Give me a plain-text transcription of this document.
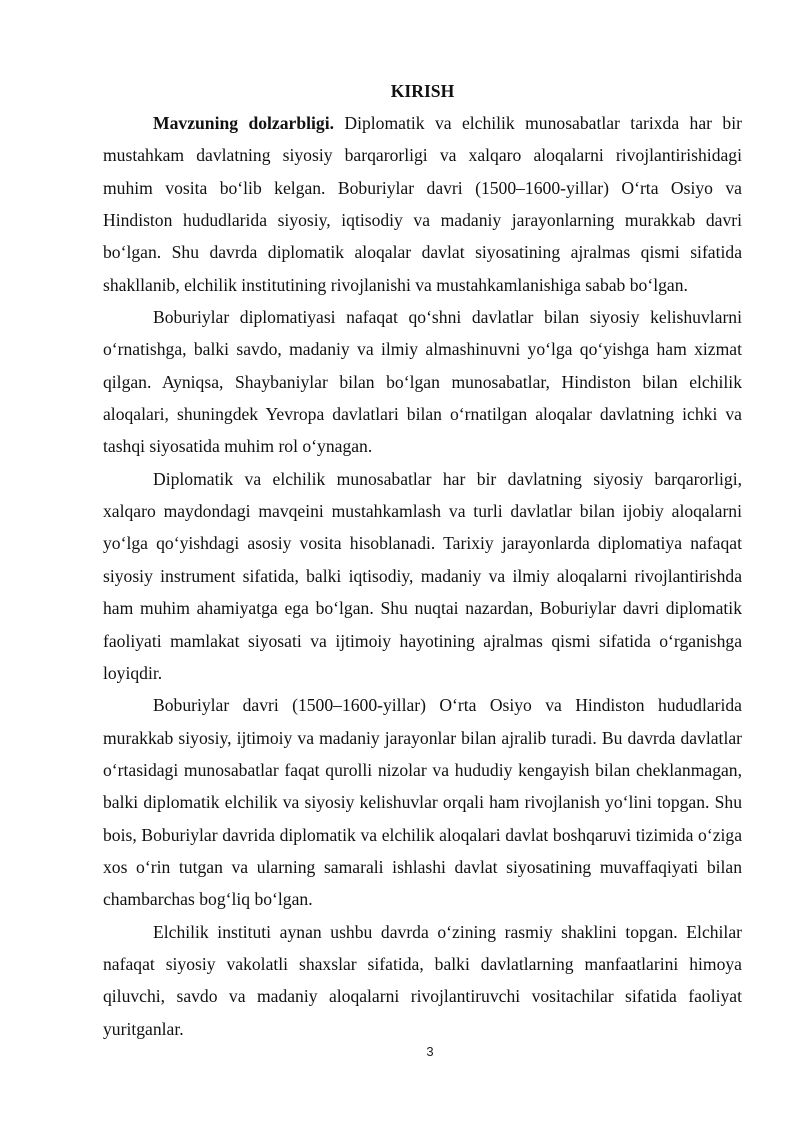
KIRISH

Mavzuning dolzarbligi. Diplomatik va elchilik munosabatlar tarixda har bir mustahkam davlatning siyosiy barqarorligi va xalqaro aloqalarni rivojlantirishidagi muhim vosita bo‘lib kelgan. Boburiylar davri (1500–1600-yillar) O‘rta Osiyo va Hindiston hududlarida siyosiy, iqtisodiy va madaniy jarayonlarning murakkab davri bo‘lgan. Shu davrda diplomatik aloqalar davlat siyosatining ajralmas qismi sifatida shakllanib, elchilik institutining rivojlanishi va mustahkamlanishiga sabab bo‘lgan.

Boburiylar diplomatiyasi nafaqat qo‘shni davlatlar bilan siyosiy kelishuvlarni o‘rnatishga, balki savdo, madaniy va ilmiy almashinuvni yo‘lga qo‘yishga ham xizmat qilgan. Ayniqsa, Shaybaniylar bilan bo‘lgan munosabatlar, Hindiston bilan elchilik aloqalari, shuningdek Yevropa davlatlari bilan o‘rnatilgan aloqalar davlatning ichki va tashqi siyosatida muhim rol o‘ynagan.

Diplomatik va elchilik munosabatlar har bir davlatning siyosiy barqarorligi, xalqaro maydondagi mavqeini mustahkamlash va turli davlatlar bilan ijobiy aloqalarni yo‘lga qo‘yishdagi asosiy vosita hisoblanadi. Tarixiy jarayonlarda diplomatiya nafaqat siyosiy instrument sifatida, balki iqtisodiy, madaniy va ilmiy aloqalarni rivojlantirishda ham muhim ahamiyatga ega bo‘lgan. Shu nuqtai nazardan, Boburiylar davri diplomatik faoliyati mamlakat siyosati va ijtimoiy hayotining ajralmas qismi sifatida o‘rganishga loyiqdir.

Boburiylar davri (1500–1600-yillar) O‘rta Osiyo va Hindiston hududlarida murakkab siyosiy, ijtimoiy va madaniy jarayonlar bilan ajralib turadi. Bu davrda davlatlar o‘rtasidagi munosabatlar faqat qurolli nizolar va hududiy kengayish bilan cheklanmagan, balki diplomatik elchilik va siyosiy kelishuvlar orqali ham rivojlanish yo‘lini topgan. Shu bois, Boburiylar davrida diplomatik va elchilik aloqalari davlat boshqaruvi tizimida o‘ziga xos o‘rin tutgan va ularning samarali ishlashi davlat siyosatining muvaffaqiyati bilan chambarchas bog‘liq bo‘lgan.

Elchilik instituti aynan ushbu davrda o‘zining rasmiy shaklini topgan. Elchilar nafaqat siyosiy vakolatli shaxslar sifatida, balki davlatlarning manfaatlarini himoya qiluvchi, savdo va madaniy aloqalarni rivojlantiruvchi vositachilar sifatida faoliyat yuritganlar.

3
